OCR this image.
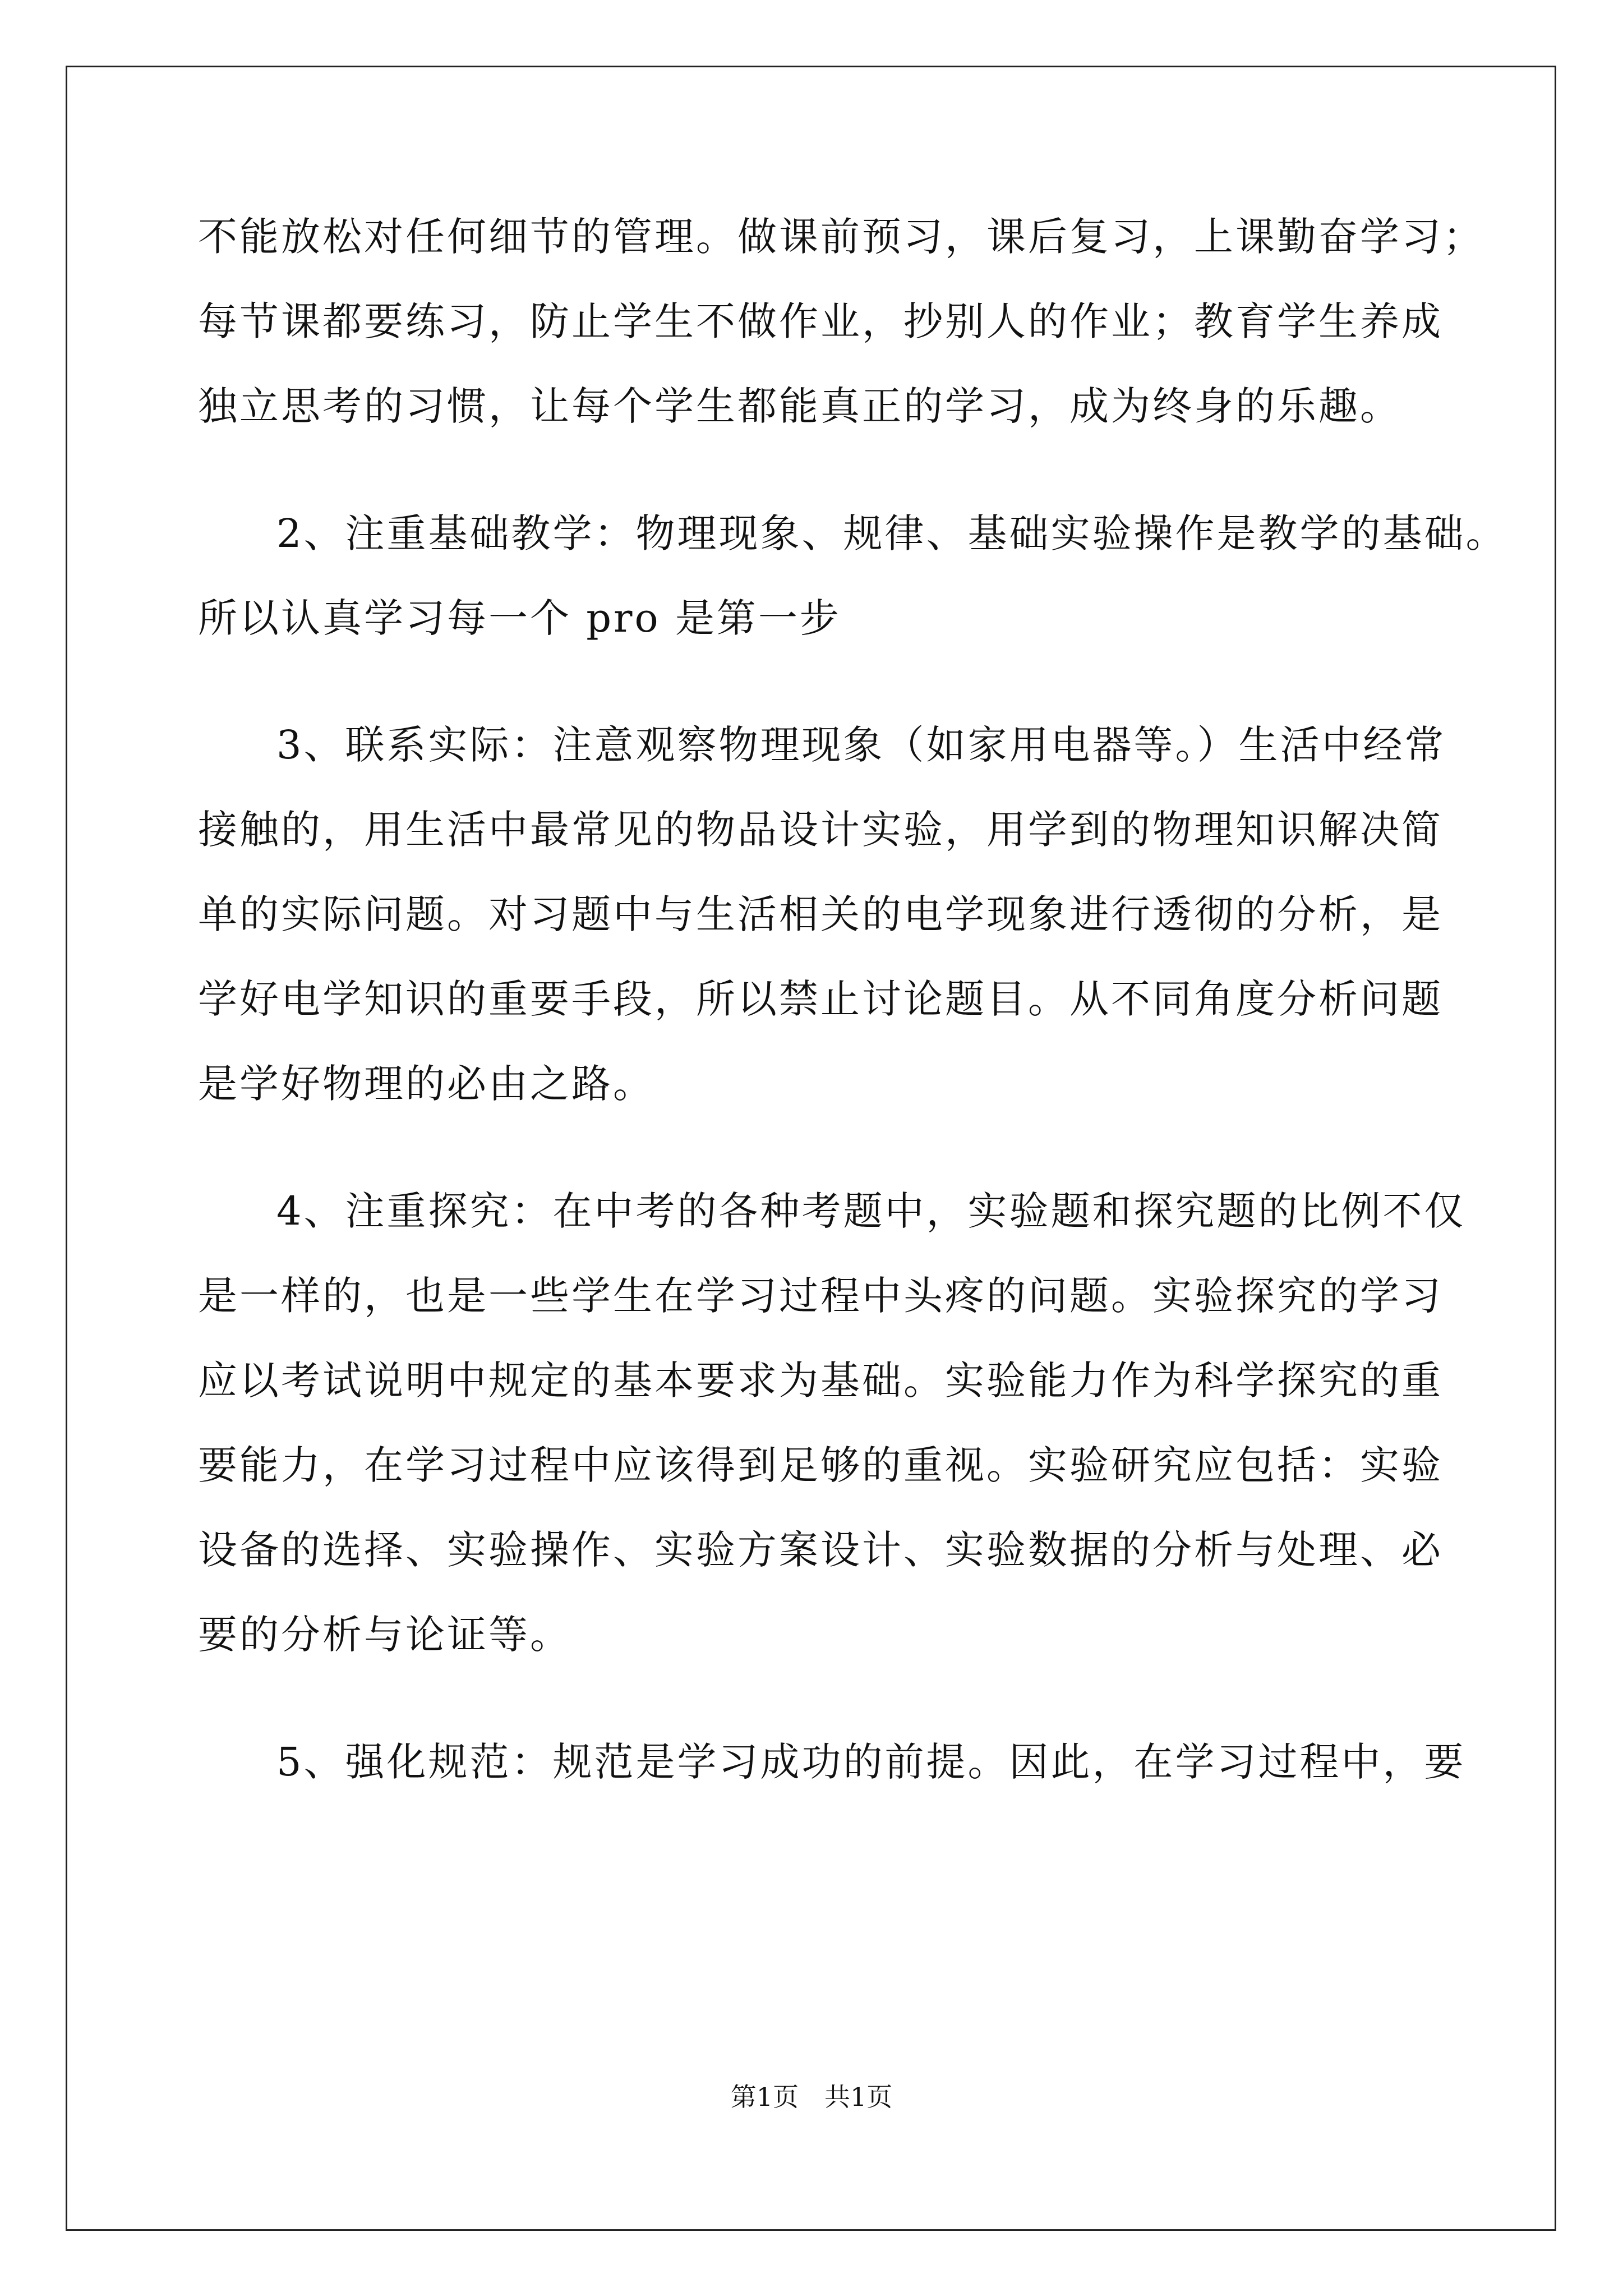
不能放松对任何细节的管理。做课前预习，课后复习，上课勤奋学习；
每节课都要练习，防止学生不做作业，抄别人的作业；教育学生养成
独立思考的习惯，让每个学生都能真正的学习，成为终身的乐趣。
2、注重基础教学：物理现象、规律、基础实验操作是教学的基础。
所以认真学习每一个 pro 是第一步
3、联系实际：注意观察物理现象（如家用电器等。）生活中经常
接触的，用生活中最常见的物品设计实验，用学到的物理知识解决简
单的实际问题。对习题中与生活相关的电学现象进行透彻的分析，是
学好电学知识的重要手段，所以禁止讨论题目。从不同角度分析问题
是学好物理的必由之路。
4、注重探究：在中考的各种考题中，实验题和探究题的比例不仅
是一样的，也是一些学生在学习过程中头疼的问题。实验探究的学习
应以考试说明中规定的基本要求为基础。实验能力作为科学探究的重
要能力，在学习过程中应该得到足够的重视。实验研究应包括：实验
设备的选择、实验操作、实验方案设计、实验数据的分析与处理、必
要的分析与论证等。
5、强化规范：规范是学习成功的前提。因此，在学习过程中，要
第1页　共1页
